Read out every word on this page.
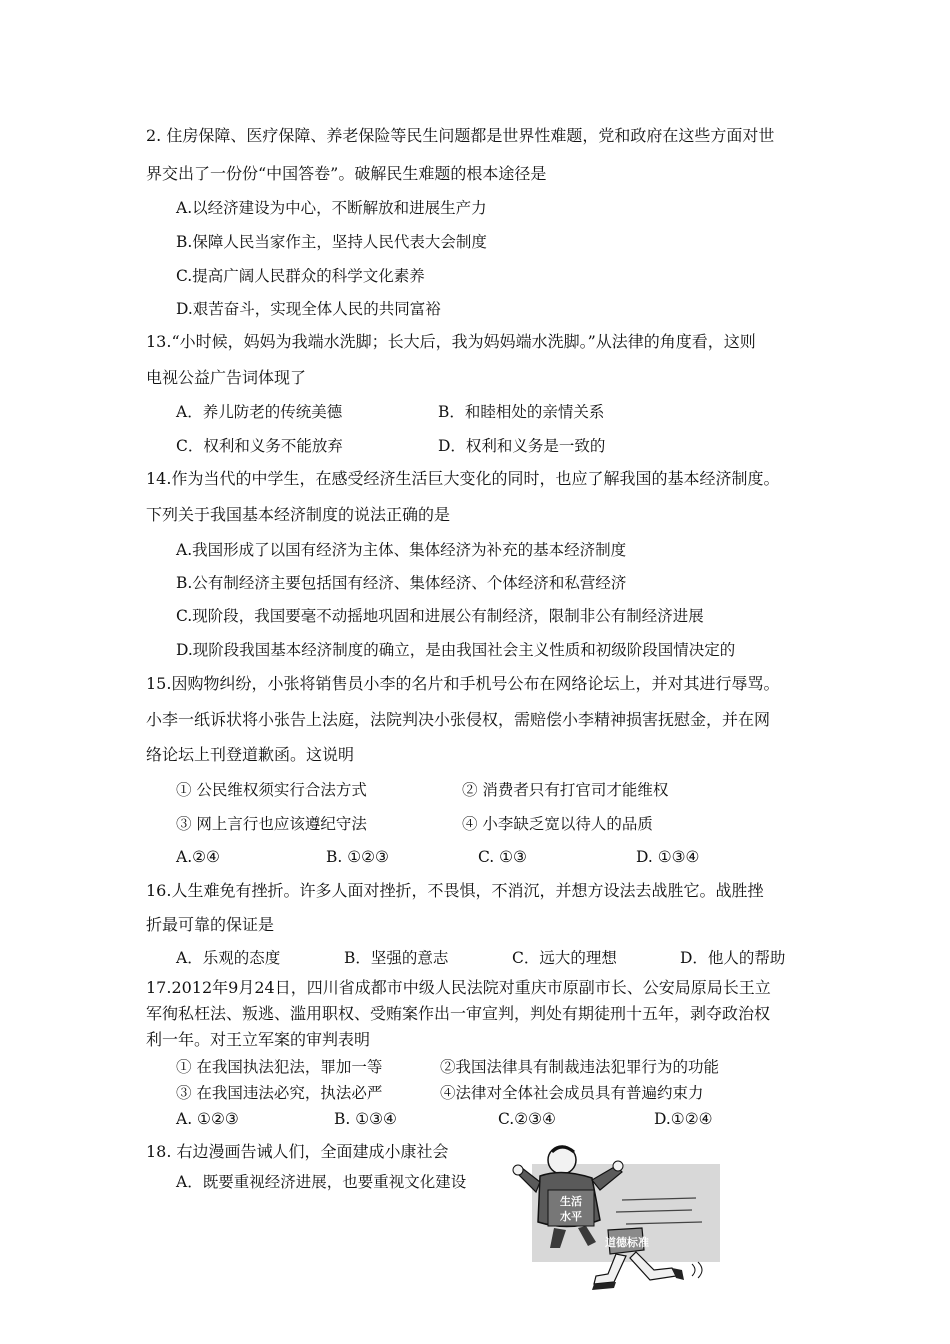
2. 住房保障、医疗保障、养老保险等民生问题都是世界性难题，党和政府在这些方面对世
界交出了一份份“中国答卷”。破解民生难题的根本途径是
A.以经济建设为中心，不断解放和进展生产力
B.保障人民当家作主，坚持人民代表大会制度
C.提高广阔人民群众的科学文化素养
D.艰苦奋斗，实现全体人民的共同富裕
13.“小时候，妈妈为我端水洗脚；长大后，我为妈妈端水洗脚。”从法律的角度看，这则
电视公益广告词体现了
A．养儿防老的传统美德	B．和睦相处的亲情关系
C．权利和义务不能放弃	D．权利和义务是一致的
14.作为当代的中学生，在感受经济生活巨大变化的同时，也应了解我国的基本经济制度。
下列关于我国基本经济制度的说法正确的是
A.我国形成了以国有经济为主体、集体经济为补充的基本经济制度
B.公有制经济主要包括国有经济、集体经济、个体经济和私营经济
C.现阶段，我国要毫不动摇地巩固和进展公有制经济，限制非公有制经济进展
D.现阶段我国基本经济制度的确立，是由我国社会主义性质和初级阶段国情决定的
15.因购物纠纷，小张将销售员小李的名片和手机号公布在网络论坛上，并对其进行辱骂。
小李一纸诉状将小张告上法庭，法院判决小张侵权，需赔偿小李精神损害抚慰金，并在网
络论坛上刊登道歉函。这说明
① 公民维权须实行合法方式	② 消费者只有打官司才能维权
③ 网上言行也应该遵纪守法	④ 小李缺乏宽以待人的品质
A.②④	B. ①②③	C. ①③	D. ①③④
16.人生难免有挫折。许多人面对挫折，不畏惧，不消沉，并想方设法去战胜它。战胜挫
折最可靠的保证是
A．乐观的态度	B．坚强的意志	C．远大的理想	D．他人的帮助
17.2012年9月24日，四川省成都市中级人民法院对重庆市原副市长、公安局原局长王立
军徇私枉法、叛逃、滥用职权、受贿案作出一审宣判，判处有期徒刑十五年，剥夺政治权
利一年。对王立军案的审判表明
① 在我国执法犯法，罪加一等	②我国法律具有制裁违法犯罪行为的功能
③ 在我国违法必究，执法必严	④法律对全体社会成员具有普遍约束力
A. ①②③	B. ①③④	C.②③④	D.①②④
18. 右边漫画告诫人们，全面建成小康社会
A．既要重视经济进展，也要重视文化建设
生活
水平
道德标准
